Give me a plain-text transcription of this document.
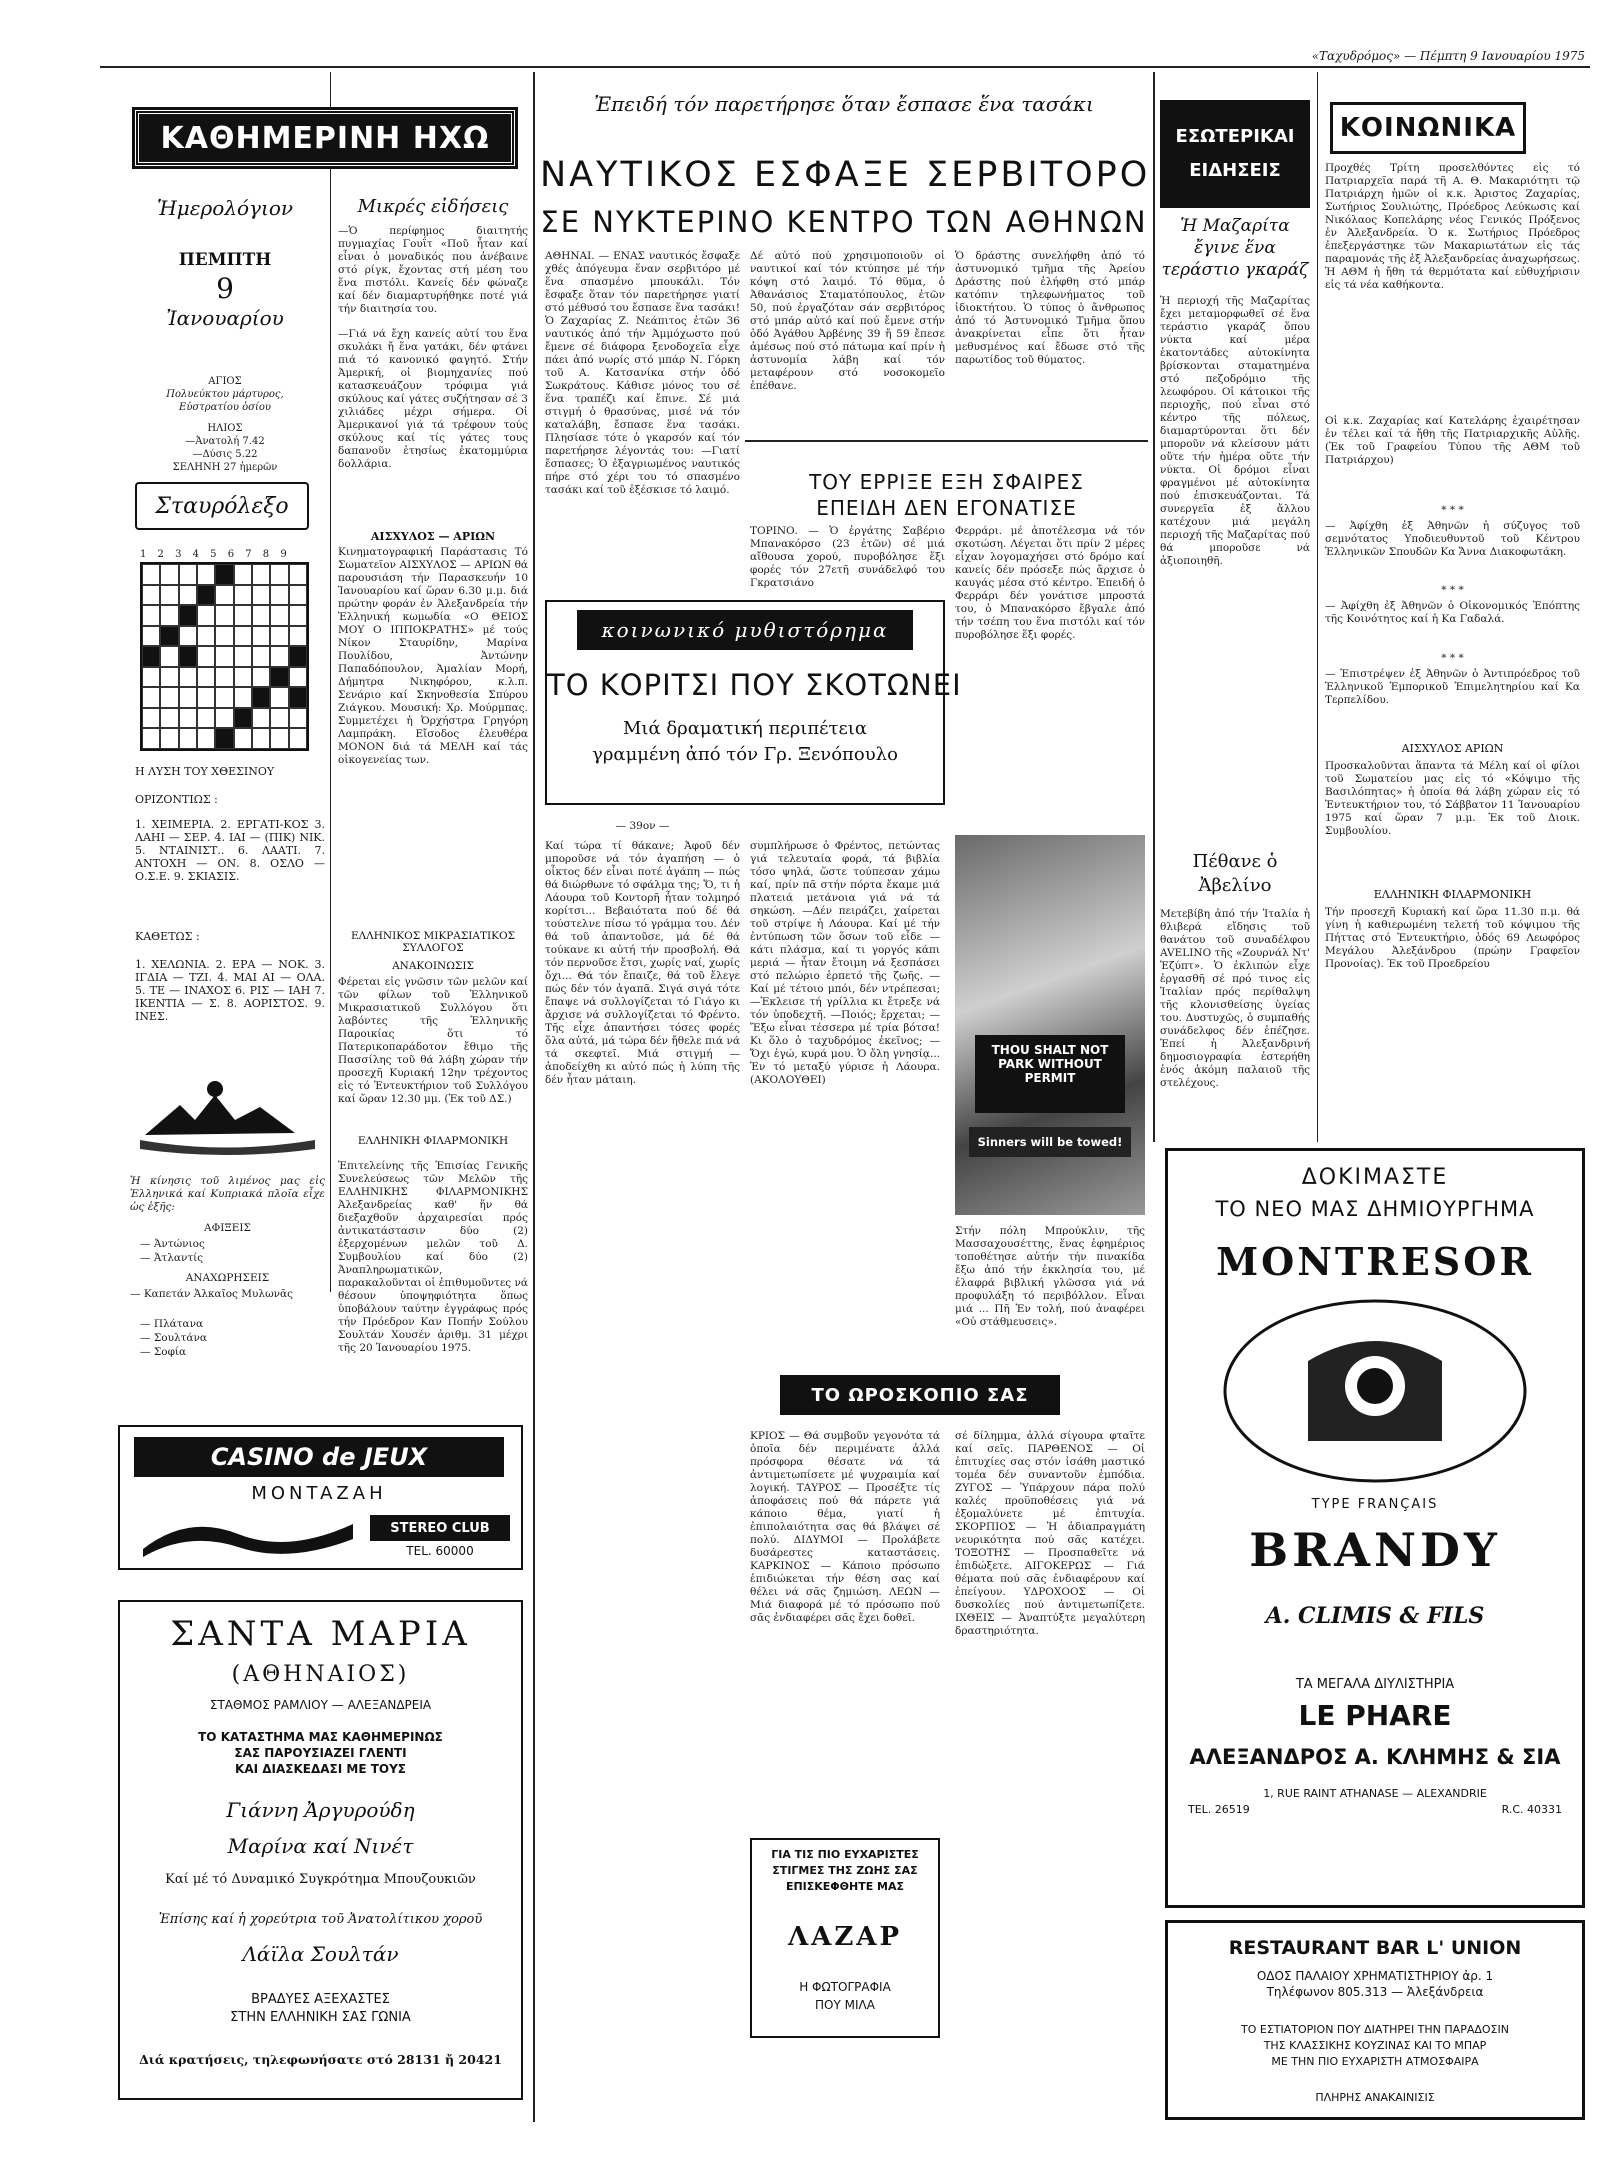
«Ταχυδρόμος» — Πέμπτη 9 Ιανουαρίου 1975
ΚΑΘΗΜΕΡΙΝΗ ΗΧΩ
Ἡμερολόγιον
ΠΕΜΠΤΗ
9
Ἰανουαρίου
ΑΓΙΟΣ
Πολυεύκτου μάρτυρος, Εὐστρατίου ὁσίου
ΗΛΙΟΣ
—Ἀνατολή 7.42
—Δύσις 5.22
ΣΕΛΗΝΗ 27 ἡμερῶν
Σταυρόλεξο
1 2 3 4 5 6 7 8 9
Η ΛΥΣΗ ΤΟΥ ΧΘΕΣΙΝΟΥ
ΟΡΙΖΟΝΤΙΩΣ :
1. ΧΕΙΜΕΡΙΑ. 2. ΕΡΓΑΤΙ-ΚΟΣ 3. ΛΑΗΙ — ΣΕΡ. 4. ΙΑΙ — (ΠΙΚ) ΝΙΚ. 5. ΝΤΑΙΝΙΣΤ.. 6. ΛΑΑΤΙ. 7. ΑΝΤΟΧΗ — ΟΝ. 8. ΟΣΛΟ — Ο.Σ.Ε. 9. ΣΚΙΑΣΙΣ.
ΚΑΘΕΤΩΣ :
1. ΧΕΛΩΝΙΑ. 2. ΕΡΑ — ΝΟΚ. 3. ΙΓΔΙΑ — ΤΖΙ. 4. ΜΑΙ ΑΙ — ΟΛΑ. 5. ΤΕ — ΙΝΑΧΟΣ 6. ΡΙΣ — ΙΑΗ 7. ΙΚΕΝΤΙΑ — Σ. 8. ΑΟΡΙΣΤΟΣ. 9. ΙΝΕΣ.
Ἡ κίνησις τοῦ λιμένος μας εἰς Ἑλληνικά καί Κυπριακά πλοῖα εἶχε ὡς ἑξῆς:
ΑΦΙΞΕΙΣ
— Ἀντώνιος
— Ἀτλαντίς
ΑΝΑΧΩΡΗΣΕΙΣ
— Καπετάν Ἀλκαῖος Μυλωνᾶς
— Πλάτανα
— Σουλτάνα
— Σοφία
Μικρές εἰδήσεις
—Ὁ περίφημος διαιτητής πυγμαχίας Γουΐτ «Ποῦ ἦταν καί εἶναι ὁ μοναδικός που ἀνέβαινε στό ρίγκ, ἔχοντας στή μέση του ἕνα πιστόλι. Κανείς δέν φώναζε καί δέν διαμαρτυρήθηκε ποτέ γιά τήν διαιτησία του.
—Γιά νά ἔχη κανείς αὐτί του ἕνα σκυλάκι ἤ ἕνα γατάκι, δέν φτάνει πιά τό κανονικό φαγητό. Στήν Ἀμερική, οἱ βιομηχανίες πού κατασκευάζουν τρόφιμα γιά σκύλους καί γάτες συζήτησαν σέ 3 χιλιάδες μέχρι σήμερα. Οἱ Ἀμερικανοί γιά τά τρέφουν τούς σκύλους καί τίς γάτες τους δαπανοῦν ἑτησίως ἑκατομμύρια δολλάρια.
ΑΙΣΧΥΛΟΣ — ΑΡΙΩΝ
Κινηματογραφική Παράστασις Τό Σωματεῖον ΑΙΣΧΥΛΟΣ — ΑΡΙΩΝ θά παρουσιάση τήν Παρασκευήν 10 Ἰανουαρίου καί ὥραν 6.30 μ.μ. διά πρώτην φοράν ἐν Ἀλεξανδρεία τήν Ἑλληνική κωμωδία «Ο ΘΕΙΟΣ ΜΟΥ Ο ΙΠΠΟΚΡΑΤΗΣ» μέ τούς Νίκον Σταυρίδην, Μαρίνα Πουλίδου, Ἀντώνην Παπαδόπουλον, Ἀμαλίαν Μορή, Δήμητρα Νικηφόρου, κ.λ.π. Σενάριο καί Σκηνοθεσία Σπύρου Ζιάγκου. Μουσική: Χρ. Μούρμπας. Συμμετέχει ἡ Ὀρχήστρα Γρηγόρη Λαμπράκη. Εἴσοδος ἐλευθέρα ΜΟΝΟΝ διά τά ΜΕΛΗ καί τάς οἰκογενείας των.
ΕΛΛΗΝΙΚΟΣ ΜΙΚΡΑΣΙΑΤΙΚΟΣ ΣΥΛΛΟΓΟΣ
ΑΝΑΚΟΙΝΩΣΙΣ
Φέρεται εἰς γνῶσιν τῶν μελῶν καί τῶν φίλων τοῦ Ἑλληνικοῦ Μικρασιατικοῦ Συλλόγου ὅτι λαβόντες τῆς Ἑλληνικῆς Παροικίας ὅτι τό Πατερικοπαράδοτον ἔθιμο τῆς Πασσίλης τοῦ θά λάβη χώραν τήν προσεχῆ Κυριακή 12ην τρέχοντος εἰς τό Ἐντευκτήριον τοῦ Συλλόγου καί ὥραν 12.30 μμ. (Ἐκ τοῦ ΔΣ.)
ΕΛΛΗΝΙΚΗ ΦΙΛΑΡΜΟΝΙΚΗ
Ἐπιτελείνης τῆς Ἐπισίας Γενικῆς Συνελεύσεως τῶν Μελῶν τῆς ΕΛΛΗΝΙΚΗΣ ΦΙΛΑΡΜΟΝΙΚΗΣ Ἀλεξανδρείας καθ' ἥν θά διεξαχθοῦν ἀρχαιρεσίαι πρός ἀντικατάστασιν δύο (2) ἐξερχομένων μελῶν τοῦ Δ. Συμβουλίου καί δύο (2) Ἀναπληρωματικῶν, παρακαλοῦνται οἱ ἐπιθυμοῦντες νά θέσουν ὑποψηφιότητα ὅπως ὑποβάλουν ταύτην ἐγγράφως πρός τήν Πρόεδρον Καν Ποπήν Σούλου Σουλτάν Χουσέν ἀριθμ. 31 μέχρι τῆς 20 Ἰανουαρίου 1975.
CASINO de JEUX
MONTAZAH
STEREO CLUB
TEL. 60000
ΣΑΝΤΑ ΜΑΡΙΑ
(ΑΘΗΝΑΙΟΣ)
ΣΤΑΘΜΟΣ ΡΑΜΛΙΟΥ — ΑΛΕΞΑΝΔΡΕΙΑ
ΤΟ ΚΑΤΑΣΤΗΜΑ ΜΑΣ ΚΑΘΗΜΕΡΙΝΩΣ
ΣΑΣ ΠΑΡΟΥΣΙΑΖΕΙ ΓΛΕΝΤΙ
ΚΑΙ ΔΙΑΣΚΕΔΑΣΙ ΜΕ ΤΟΥΣ
Γιάννη Ἀργυρούδη
Μαρίνα καί Νινέτ
Καί μέ τό Δυναμικό Συγκρότημα Μπουζουκιῶν
Ἐπίσης καί ἡ χορεύτρια τοῦ Ἀνατολίτικου χοροῦ
Λάϊλα Σουλτάν
ΒΡΑΔΥΕΣ ΑΞΕΧΑΣΤΕΣ
ΣΤΗΝ ΕΛΛΗΝΙΚΗ ΣΑΣ ΓΩΝΙΑ
Διά κρατήσεις, τηλεφωνήσατε στό 28131 ἤ 20421
Ἐπειδή τόν παρετήρησε ὅταν ἔσπασε ἕνα τασάκι
ΝΑΥΤΙΚΟΣ ΕΣΦΑΞΕ ΣΕΡΒΙΤΟΡΟ
ΣΕ ΝΥΚΤΕΡΙΝΟ ΚΕΝΤΡΟ ΤΩΝ ΑΘΗΝΩΝ
ΑΘΗΝΑΙ. — ΕΝΑΣ ναυτικός ἔσφαξε χθές ἀπόγευμα ἕναν σερβιτόρο μέ ἕνα σπασμένο μπουκάλι. Τόν ἔσφαξε ὅταν τόν παρετήρησε γιατί στό μέθυσό του ἔσπασε ἕνα τασάκι! Ὁ Ζαχαρίας Ζ. Νεάπιτος ἐτῶν 36 ναυτικός ἀπό τήν Ἀμμόχωστο πού ἔμενε σέ διάφορα ξενοδοχεῖα εἶχε πάει ἀπό νωρίς στό μπάρ Ν. Γόρκη τοῦ Α. Κατσανίκα στήν ὁδό Σωκράτους. Κάθισε μόνος του σέ ἕνα τραπέζι καί ἔπινε. Σέ μιά στιγμή ὁ θρασύνας, μισέ νά τόν καταλάβη, ἔσπασε ἕνα τασάκι. Πλησίασε τότε ὁ γκαρσόν καί τόν παρετήρησε λέγοντάς του: —Γιατί ἔσπασες; Ὁ ἐξαγριωμένος ναυτικός πήρε στό χέρι του τό σπασμένο τασάκι καί τοῦ ἐξέσκισε τό λαιμό.
Δέ αὐτό πού χρησιμοποιοῦν οἱ ναυτικοί καί τόν κτύπησε μέ τήν κόψη στό λαιμό. Τό θῦμα, ὁ Ἀθανάσιος Σταματόπουλος, ἐτῶν 50, πού ἐργαζόταν σάν σερβιτόρος στό μπάρ αὐτό καί πού ἔμενε στήν ὁδό Ἀγάθου Ἀρβένης 39 ἤ 59 ἔπεσε ἀμέσως πού στό πάτωμα καί πρίν ἡ ἀστυνομία λάβη καί τόν μεταφέρουν στό νοσοκομεῖο ἐπέθανε.
Ὁ δράστης συνελήφθη ἀπό τό ἀστυνομικό τμῆμα τῆς Ἀρείου Δράστης πού ἐλήφθη στό μπάρ κατόπιν τηλεφωνήματος τοῦ ἰδιοκτήτου. Ὁ τύπος ὁ ἄνθρωπος ἀπό τό Ἀστυνομικό Τμῆμα ὅπου ἀνακρίνεται εἶπε ὅτι ἦταν μεθυσμένος καί ἔδωσε στό τῆς παρωτίδος τοῦ θύματος.
ΤΟΥ ΕΡΡΙΞΕ ΕΞΗ ΣΦΑΙΡΕΣ
ΕΠΕΙΔΗ ΔΕΝ ΕΓΟΝΑΤΙΣΕ
ΤΟΡΙΝΟ. — Ὁ ἐργάτης Σαβέριο Μπανακόρσο (23 ἐτῶν) σέ μιά αἴθουσα χορού, πυροβόλησε ἕξι φορές τόν 27ετῆ συνάδελφό του Γκρατσιάνο
Φερράρι. μέ ἀποτέλεσμα νά τόν σκοτώση. Λέγεται ὅτι πρίν 2 μέρες εἶχαν λογομαχήσει στό δρόμο καί κανείς δέν πρόσεξε πώς ἄρχισε ὁ καυγάς μέσα στό κέντρο. Ἐπειδή ὁ Φερράρι δέν γονάτισε μπροστά του, ὁ Μπανακόρσο ἔβγαλε ἀπό τήν τσέπη του ἕνα πιστόλι καί τόν πυροβόλησε ἕξι φορές.
κοινωνικό μυθιστόρημα
ΤΟ ΚΟΡΙΤΣΙ ΠΟΥ ΣΚΟΤΩΝΕΙ
Μιά δραματική περιπέτεια
γραμμένη ἀπό τόν Γρ. Ξενόπουλο
— 39ον —
Καί τώρα τί θάκανε; Ἀφοῦ δέν μποροῦσε νά τόν ἀγαπήση — ὁ οἶκτος δέν εἶναι ποτέ ἀγάπη — πώς θά διώρθωνε τό σφάλμα της; Ὅ, τι ἡ Λάουρα τοῦ Κοντορῆ ἦταν τολμηρό κορίτσι... Βεβαιότατα πού δέ θά τούστελνε πίσω τό γράμμα του. Δέν θά τοῦ ἀπαντοῦσε, μά δέ θά τούκανε κι αὐτή τήν προσβολή. Θά τόν περνοῦσε ἔτσι, χωρίς ναί, χωρίς ὄχι... Θά τόν ἔπαιζε, θά τοῦ ἔλεγε πώς δέν τόν ἀγαπᾶ. Σιγά σιγά τότε ἔπαψε νά συλλογίζεται τό Γιάγο κι ἄρχισε νά συλλογίζεται τό Φρέντο. Τῆς εἶχε ἀπαντήσει τόσες φορές ὅλα αὐτά, μά τώρα δέν ἤθελε πιά νά τά σκεφτεῖ. Μιά στιγμή — ἀποδείχθη κι αὐτό πώς ἡ λύπη τῆς δέν ἦταν μάταιη.
συμπλήρωσε ὁ Φρέντος, πετώντας γιά τελευταία φορά, τά βιβλία τόσο ψηλά, ὥστε τούπεσαν χάμω καί, πρίν πᾶ στήν πόρτα ἔκαμε μιά πλατειά μετάνοια γιά νά τά σηκώση. —Δέν πειράζει, χαίρεται τοῦ στρίψε ἡ Λάουρα. Καί μέ τήν ἐντύπωση τῶν ὅσων τοῦ εἶδε — κάτι πλάσμα, καί τι γοργός κάπι μεριά — ἦταν ἔτοιμη νά ξεσπάσει στό πελώριο ἑρπετό τῆς ζωῆς. —Καί μέ τέτοιο μπόι, δέν ντρέπεσαι; —Ἐκλεισε τή γρίλλια κι ἔτρεξε νά τόν ὑποδεχτῆ. —Ποιός; ἔρχεται; —Ἔξω εἶναι τέσσερα μέ τρία βότσα! Κι ὅλο ὁ ταχυδρόμος ἐκεῖνος; —Ὄχι ἐγώ, κυρά μου. Ὁ ὄλη γνησίᾳ... Ἐν τό μεταξύ γύρισε ἡ Λάουρα. (ΑΚΟΛΟΥΘΕΙ)
THOU SHALT NOT PARK WITHOUT PERMIT
Sinners will be towed!
Στήν πόλη Μπρούκλιν, τῆς Μασσαχουσέττης, ἕνας ἐφημέριος τοποθέτησε αὐτήν τήν πινακίδα ἔξω ἀπό τήν ἐκκλησία του, μέ ἐλαφρά βιβλική γλῶσσα γιά νά προφυλάξη τό περιβόλλον. Εἶναι μιά ... Πῆ Ἐν τολή, πού ἀναφέρει «Οὐ στάθμευσεις».
ΤΟ ΩΡΟΣΚΟΠΙΟ ΣΑΣ
ΚΡΙΟΣ — Θά συμβοῦν γεγονότα τά ὁποῖα δέν περιμένατε ἀλλά πρόσφορα θέσατε νά τά ἀντιμετωπίσετε μέ ψυχραιμία καί λογική. ΤΑΥΡΟΣ — Προσέξτε τίς ἀποφάσεις πού θά πάρετε γιά κάποιο θέμα, γιατί ἡ ἐπιπολαιότητα σας θά βλάψει σέ πολύ. ΔΙΔΥΜΟΙ — Προλάβετε δυσάρεστες καταστάσεις. ΚΑΡΚΙΝΟΣ — Κάποιο πρόσωπο ἐπιδιώκεται τήν θέση σας καί θέλει νά σᾶς ζημιώση. ΛΕΩΝ — Μιά διαφορά μέ τό πρόσωπο πού σᾶς ἐνδιαφέρει σᾶς ἔχει δοθεῖ.
σέ δίλημμα, ἀλλά σίγουρα φταῖτε καί σεῖς. ΠΑΡΘΕΝΟΣ — Οἱ ἐπιτυχίες σας στόν ἰσάθη μαστικό τομέα δέν συναντοῦν ἐμπόδια. ΖΥΓΟΣ — Ὑπάρχουν πάρα πολύ καλές προϋποθέσεις γιά νά ἐξομαλύνετε μέ ἐπιτυχία. ΣΚΟΡΠΙΟΣ — Ἡ ἀδιαπραγμάτη νευρικότητα πού σᾶς κατέχει. ΤΟΞΟΤΗΣ — Προσπαθεῖτε νά ἐπιδώξετε. ΑΙΓΟΚΕΡΩΣ — Γιά θέματα πού σᾶς ἐνδιαφέρουν καί ἐπείγουν. ΥΔΡΟΧΟΟΣ — Οἱ δυσκολίες πού ἀντιμετωπίζετε. ΙΧΘΕΙΣ — Ἀναπτύξτε μεγαλύτερη δραστηριότητα.
ΓΙΑ ΤΙΣ ΠΙΟ ΕΥΧΑΡΙΣΤΕΣ
ΣΤΙΓΜΕΣ ΤΗΣ ΖΩΗΣ ΣΑΣ
ΕΠΙΣΚΕΦΘΗΤΕ ΜΑΣ
ΛΑΖΑΡ
Η ΦΩΤΟΓΡΑΦΙΑ
ΠΟΥ ΜΙΛΑ
ΕΣΩΤΕΡΙΚΑΙ
ΕΙΔΗΣΕΙΣ
Ἡ Μαζαρίτα ἔγινε ἕνα τεράστιο γκαράζ
Ἡ περιοχή τῆς Μαζαρίτας ἔχει μεταμορφωθεῖ σέ ἕνα τεράστιο γκαράζ ὅπου νύκτα καί μέρα ἑκατοντάδες αὐτοκίνητα βρίσκονται σταματημένα στό πεζοδρόμιο τῆς λεωφόρου. Οἱ κάτοικοι τῆς περιοχῆς, πού εἶναι στό κέντρο τῆς πόλεως, διαμαρτύρονται ὅτι δέν μποροῦν νά κλείσουν μάτι οὔτε τήν ἡμέρα οὔτε τήν νύκτα. Οἱ δρόμοι εἶναι φραγμένοι μέ αὐτοκίνητα πού ἐπισκευάζονται. Τά συνεργεῖα ἐξ ἄλλου κατέχουν μιά μεγάλη περιοχή τῆς Μαζαρίτας πού θά μποροῦσε νά ἀξιοποιηθῆ.
Πέθανε ὁ Ἀβελίνο
Μετεβίβη ἀπό τήν Ἰταλία ἡ θλιβερά εἴδησις τοῦ θανάτου τοῦ συναδέλφου AVELINO τῆς «Ζουρνάλ Ντ' Ἐζύπτ». Ὁ ἐκλιπών εἶχε ἐργασθῆ σέ πρό τινος εἰς Ἰταλίαν πρός περίθαλψη τῆς κλονισθείσης ὑγείας του. Δυστυχῶς, ὁ συμπαθής συνάδελφος δέν ἐπέζησε. Ἐπεί ἡ Ἀλεξανδρινή δημοσιογραφία ἐστερήθη ἑνός ἀκόμη παλαιοῦ τῆς στελέχους.
ΚΟΙΝΩΝΙΚΑ
Προχθές Τρίτη προσελθόντες εἰς τό Πατριαρχεῖα παρά τῆ Α. Θ. Μακαριότητι τῷ Πατριάρχη ἡμῶν οἱ κ.κ. Ἀριστος Ζαχαρίας, Σωτήριος Σουλιώτης, Πρόεδρος Λεύκωσις καί Νικόλαος Κοπελάρης νέος Γενικός Πρόξενος ἐν Ἀλεξανδρεία. Ὁ κ. Σωτήριος Πρόεδρος ἐπεξεργάστηκε τῶν Μακαριωτάτων εἰς τάς παραμονάς τῆς ἐξ Ἀλεξανδρείας ἀναχωρήσεως. Ἡ ΑΘΜ ἡ ἤθη τά θερμότατα καί εὐθυχήρισιν εἰς τά νέα καθήκοντα.
Οἱ κ.κ. Ζαχαρίας καί Κατελάρης ἐχαιρέτησαν ἐν τέλει καί τά ἤθη τῆς Πατριαρχικῆς Αὐλῆς. (Ἐκ τοῦ Γραφείου Τύπου τῆς ΑΘΜ τοῦ Πατριάρχου)
* * *
— Ἀφίχθη ἐξ Ἀθηνῶν ἡ σύζυγος τοῦ σεμνότατος Υποδιευθυντοῦ τοῦ Κέντρου Ἑλληνικῶν Σπουδῶν Κα Ἄννα Διακοφωτάκη.
* * *
— Ἀφίχθη ἐξ Ἀθηνῶν ὁ Οἰκονομικός Ἐπόπτης τῆς Κοινότητος καί ἡ Κα Γαδαλά.
* * *
— Ἐπιστρέψεν ἐξ Ἀθηνῶν ὁ Ἀντιπρόεδρος τοῦ Ἑλληνικοῦ Ἐμπορικοῦ Ἐπιμελητηρίου καί Κα Τερπελίδου.
ΑΙΣΧΥΛΟΣ ΑΡΙΩΝ
Προσκαλοῦνται ἅπαντα τά Μέλη καί οἱ φίλοι τοῦ Σωματείου μας εἰς τό «Κόψιμο τῆς Βασιλόπητας» ἡ ὁποία θά λάβη χώραν εἰς τό Ἐντευκτήριον του, τό Σάββατον 11 Ἰανουαρίου 1975 καί ὥραν 7 μ.μ. Ἐκ τοῦ Διοικ. Συμβουλίου.
ΕΛΛΗΝΙΚΗ ΦΙΛΑΡΜΟΝΙΚΗ
Τήν προσεχῆ Κυριακή καί ὥρα 11.30 π.μ. θά γίνη ἡ καθιερωμένη τελετή τοῦ κόψιμου τῆς Πήττας στό Ἐντευκτήριο, ὁδός 69 Λεωφόρος Μεγάλου Ἀλεξάνδρου (πρώην Γραφεῖον Προνοίας). Ἐκ τοῦ Προεδρείου
ΔΟΚΙΜΑΣΤΕ
ΤΟ ΝΕΟ ΜΑΣ ΔΗΜΙΟΥΡΓΗΜΑ
MONTRESOR
TYPE FRANÇAIS
BRANDY
A. CLIMIS & FILS
ΤΑ ΜΕΓΑΛΑ ΔΙΥΛΙΣΤΗΡΙΑ
LE PHARE
ΑΛΕΞΑΝΔΡΟΣ Α. ΚΛΗΜΗΣ & ΣΙΑ
1, RUE RAINT ATHANASE — ALEXANDRIE
TEL. 26519	R.C. 40331
RESTAURANT BAR L' UNION
ΟΔΟΣ ΠΑΛΑΙΟΥ ΧΡΗΜΑΤΙΣΤΗΡΙΟΥ ἀρ. 1
Τηλέφωνον 805.313 — Ἀλεξάνδρεια
ΤΟ ΕΣΤΙΑΤΟΡΙΟΝ ΠΟΥ ΔΙΑΤΗΡΕΙ ΤΗΝ ΠΑΡΑΔΟΣΙΝ
ΤΗΣ ΚΛΑΣΣΙΚΗΣ ΚΟΥΖΙΝΑΣ ΚΑΙ ΤΟ ΜΠΑΡ
ΜΕ ΤΗΝ ΠΙΟ ΕΥΧΑΡΙΣΤΗ ΑΤΜΟΣΦΑΙΡΑ
ΠΛΗΡΗΣ ΑΝΑΚΑΙΝΙΣΙΣ
